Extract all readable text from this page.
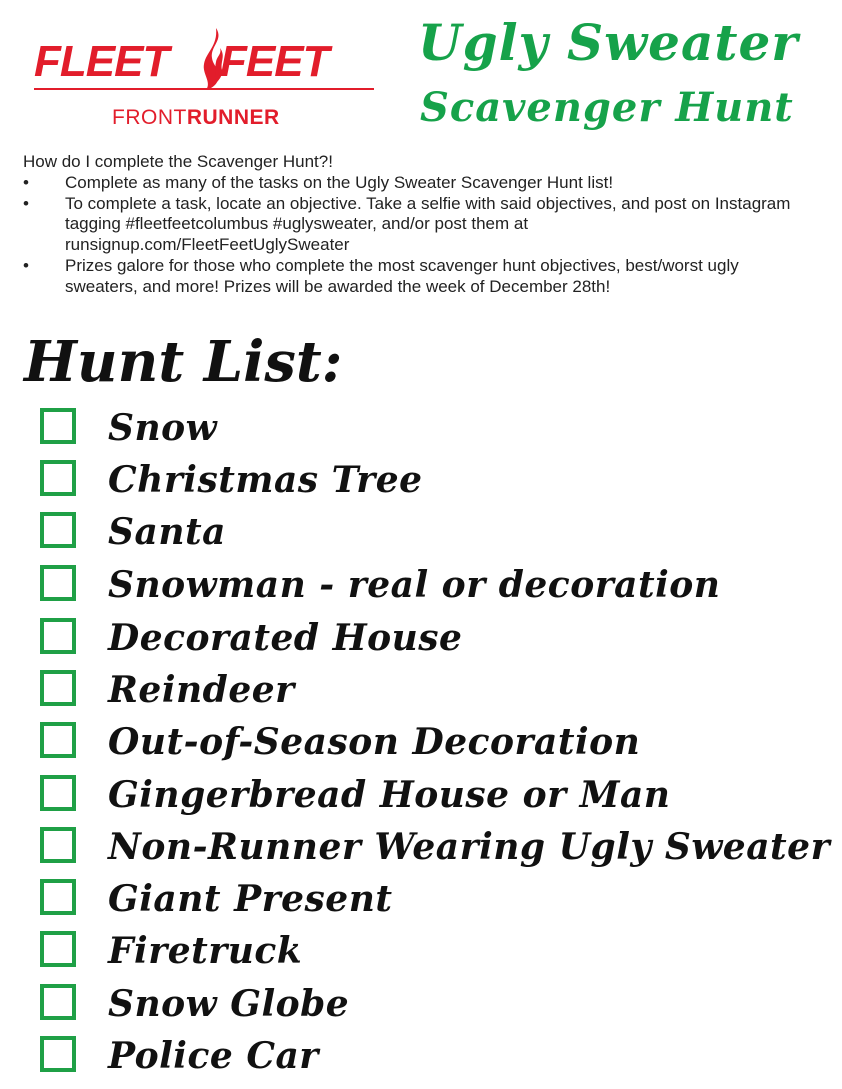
FLEET FEET
FRONTRUNNER
Ugly Sweater
Scavenger Hunt

How do I complete the Scavenger Hunt?!

• Complete as many of the tasks on the Ugly Sweater Scavenger Hunt list!
• To complete a task, locate an objective. Take a selfie with said objectives, and post on Instagram tagging #fleetfeetcolumbus #uglysweater, and/or post them at runsignup.com/FleetFeetUglySweater
• Prizes galore for those who complete the most scavenger hunt objectives, best/worst ugly sweaters, and more! Prizes will be awarded the week of December 28th!
Hunt List:
Snow
Christmas Tree
Santa
Snowman - real or decoration
Decorated House
Reindeer
Out-of-Season Decoration
Gingerbread House or Man
Non-Runner Wearing Ugly Sweater
Giant Present
Firetruck
Snow Globe
Police Car
